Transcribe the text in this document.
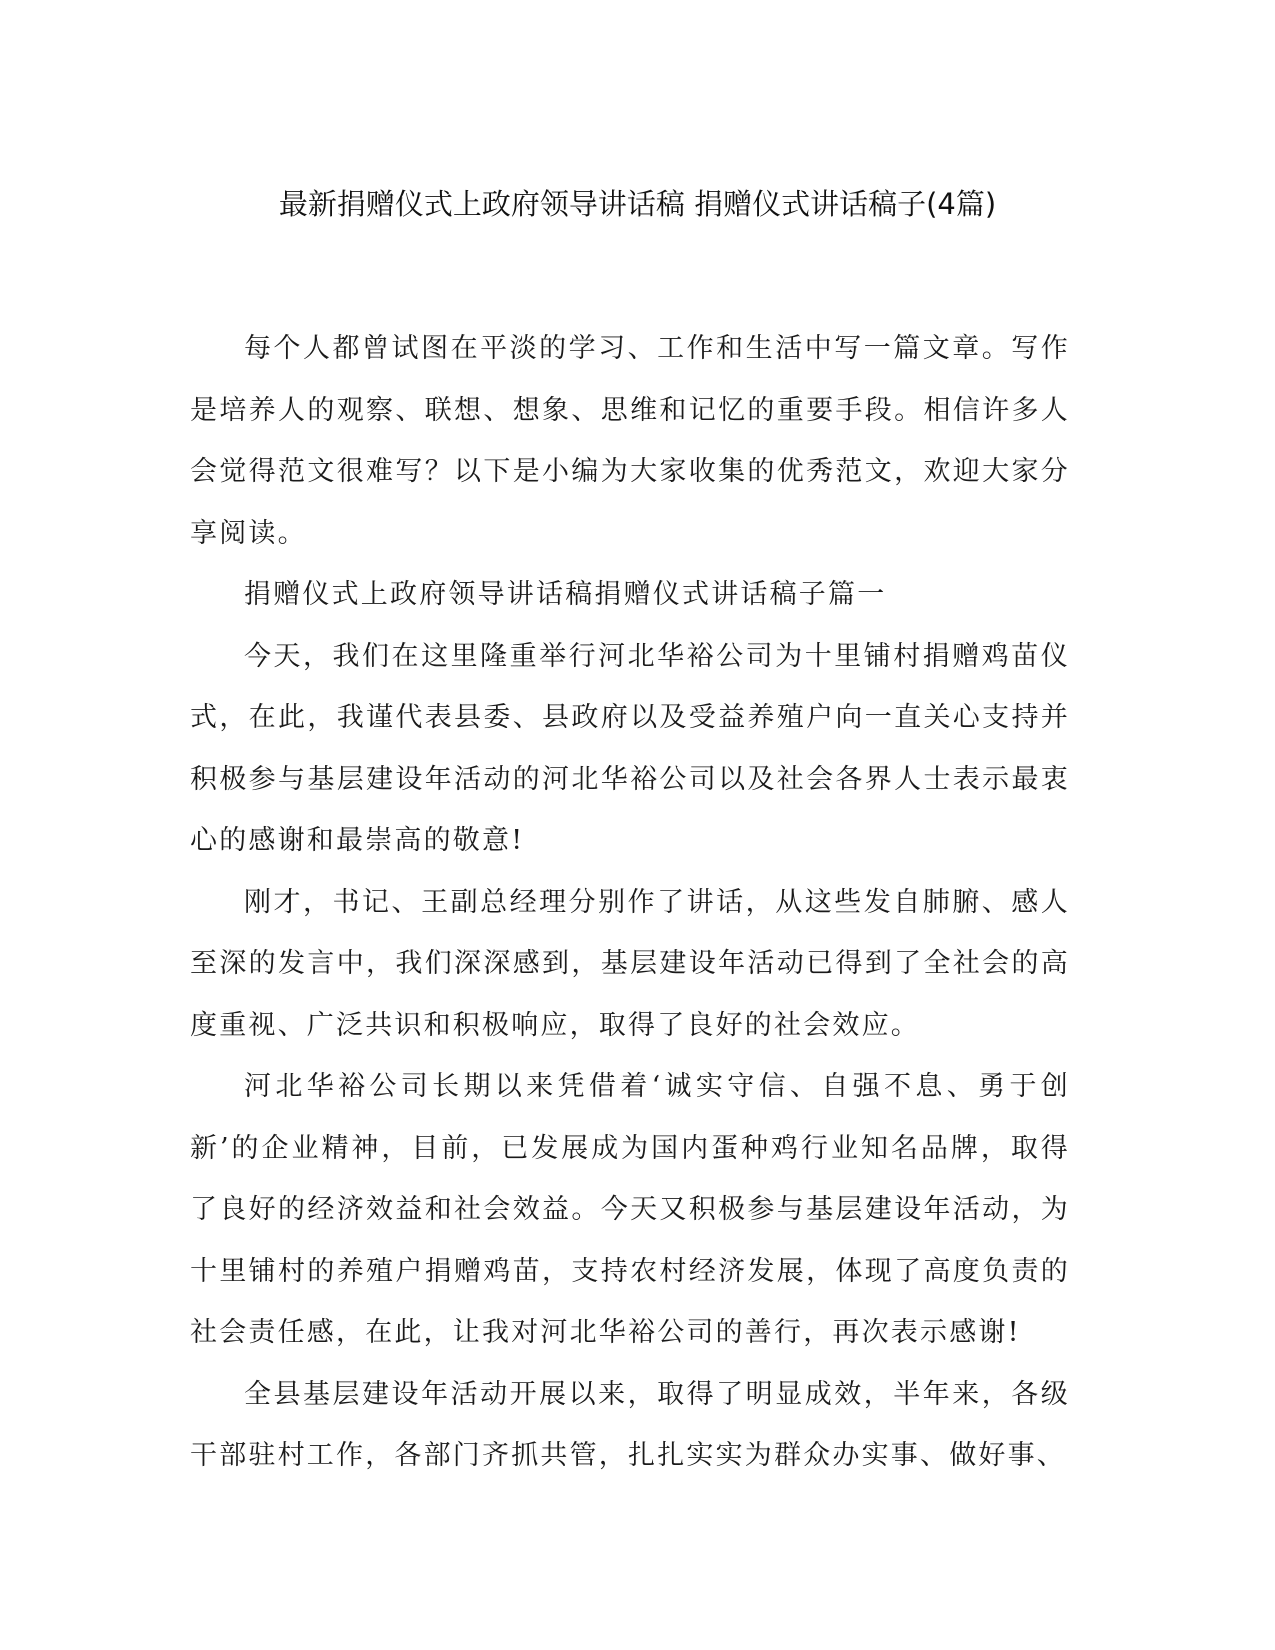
最新捐赠仪式上政府领导讲话稿 捐赠仪式讲话稿子(4篇)

每个人都曾试图在平淡的学习、工作和生活中写一篇文章。写作是培养人的观察、联想、想象、思维和记忆的重要手段。相信许多人会觉得范文很难写？以下是小编为大家收集的优秀范文，欢迎大家分享阅读。

捐赠仪式上政府领导讲话稿捐赠仪式讲话稿子篇一

今天，我们在这里隆重举行河北华裕公司为十里铺村捐赠鸡苗仪式，在此，我谨代表县委、县政府以及受益养殖户向一直关心支持并积极参与基层建设年活动的河北华裕公司以及社会各界人士表示最衷心的感谢和最崇高的敬意!

刚才，书记、王副总经理分别作了讲话，从这些发自肺腑、感人至深的发言中，我们深深感到，基层建设年活动已得到了全社会的高度重视、广泛共识和积极响应，取得了良好的社会效应。

河北华裕公司长期以来凭借着‘诚实守信、自强不息、勇于创新’的企业精神，目前，已发展成为国内蛋种鸡行业知名品牌，取得了良好的经济效益和社会效益。今天又积极参与基层建设年活动，为十里铺村的养殖户捐赠鸡苗，支持农村经济发展，体现了高度负责的社会责任感，在此，让我对河北华裕公司的善行，再次表示感谢!

全县基层建设年活动开展以来，取得了明显成效，半年来，各级干部驻村工作，各部门齐抓共管，扎扎实实为群众办实事、做好事、
